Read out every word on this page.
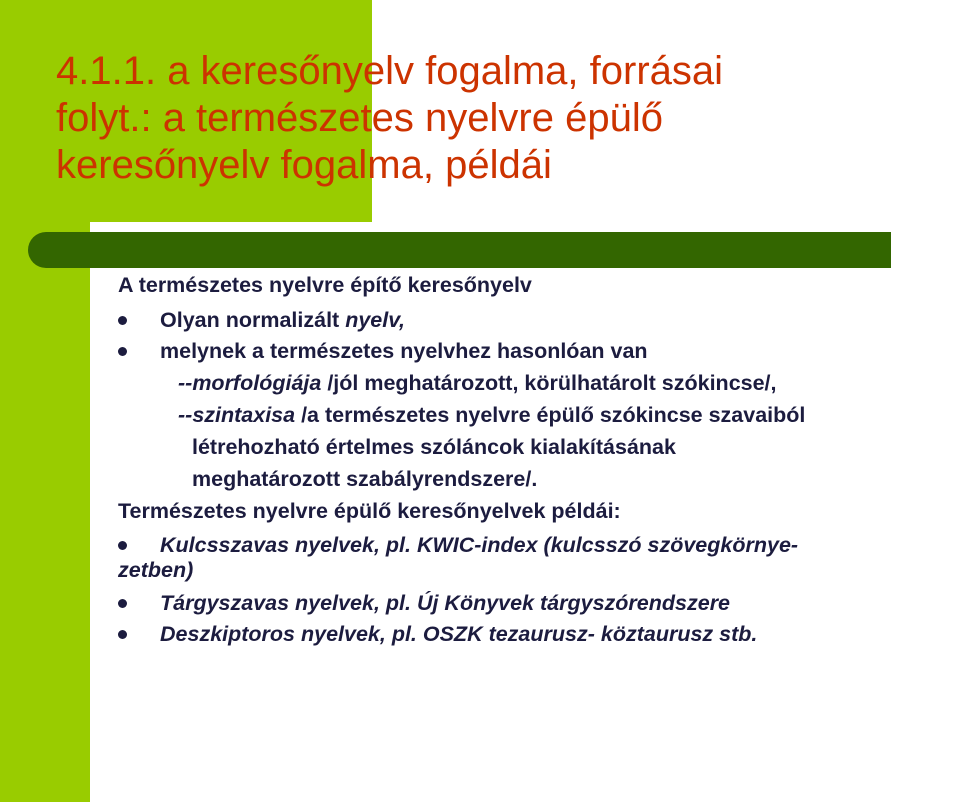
4.1.1. a keresőnyelv fogalma, forrásai
folyt.: a természetes nyelvre épülő
keresőnyelv fogalma, példái
A természetes nyelvre építő keresőnyelv
Olyan normalizált nyelv,
melynek a természetes nyelvhez hasonlóan van
--morfológiája /jól meghatározott, körülhatárolt szókincse/,
--szintaxisa /a természetes nyelvre épülő szókincse szavaiból
létrehozható értelmes szóláncok kialakításának
meghatározott szabályrendszere/.
Természetes nyelvre épülő keresőnyelvek példái:
Kulcsszavas nyelvek, pl. KWIC-index (kulcsszó szövegkörnye-
zetben)
Tárgyszavas nyelvek, pl. Új Könyvek tárgyszórendszere
Deszkiptoros nyelvek, pl. OSZK tezaurusz- köztaurusz stb.
